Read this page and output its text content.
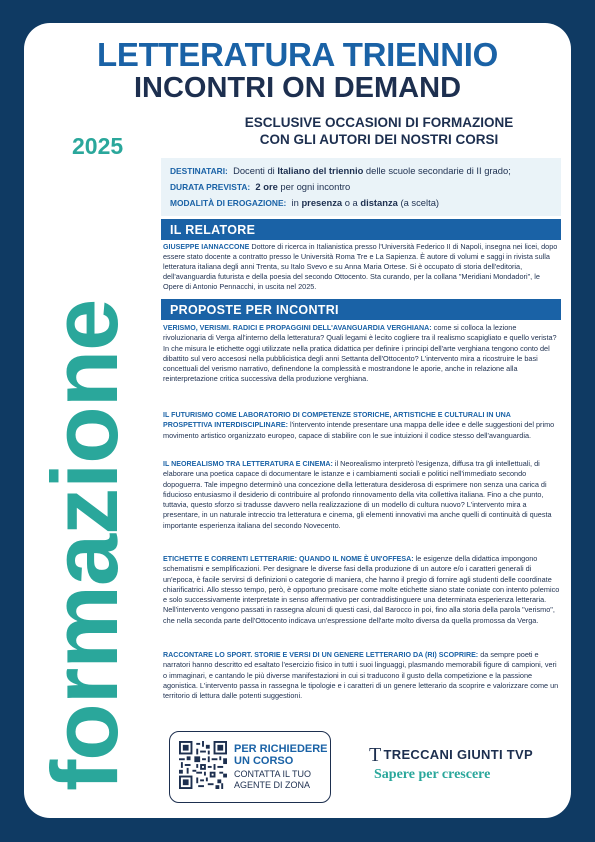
LETTERATURA TRIENNIO
INCONTRI ON DEMAND
ESCLUSIVE OCCASIONI DI FORMAZIONE
CON GLI AUTORI DEI NOSTRI CORSI
2025
formazione
DESTINATARI: Docenti di Italiano del triennio delle scuole secondarie di II grado;
DURATA PREVISTA: 2 ore per ogni incontro
MODALITÀ DI EROGAZIONE: in presenza o a distanza (a scelta)
IL RELATORE
GIUSEPPE IANNACCONE Dottore di ricerca in Italianistica presso l'Università Federico II di Napoli, insegna nei licei, dopo essere stato docente a contratto presso le Università Roma Tre e La Sapienza. È autore di volumi e saggi in rivista sulla letteratura italiana degli anni Trenta, su Italo Svevo e su Anna Maria Ortese. Si è occupato di storia dell'editoria, dell'avanguardia futurista e della poesia del secondo Ottocento. Sta curando, per la collana "Meridiani Mondadori", le Opere di Antonio Pennacchi, in uscita nel 2025.
PROPOSTE PER INCONTRI
VERISMO, VERISMI. RADICI E PROPAGGINI DELL'AVANGUARDIA VERGHIANA: come si colloca la lezione rivoluzionaria di Verga all'interno della letteratura? Quali legami è lecito cogliere tra il realismo scapigliato e quello verista? In che misura le etichette oggi utilizzate nella pratica didattica per definire i principi dell'arte verghiana tengono conto del dibattito sul vero accesosi nella pubblicistica degli anni Settanta dell'Ottocento? L'intervento mira a ricostruire le basi concettuali del verismo narrativo, definendone la complessità e mostrandone le aporie, anche in relazione alla reinterpretazione critica successiva della produzione verghiana.
IL FUTURISMO COME LABORATORIO DI COMPETENZE STORICHE, ARTISTICHE E CULTURALI IN UNA PROSPETTIVA INTERDISCIPLINARE: l'intervento intende presentare una mappa delle idee e delle suggestioni del primo movimento artistico organizzato europeo, capace di stabilire con le sue intuizioni il codice stesso dell'avanguardia.
IL NEOREALISMO TRA LETTERATURA E CINEMA: il Neorealismo interpretò l'esigenza, diffusa tra gli intellettuali, di elaborare una poetica capace di documentare le istanze e i cambiamenti sociali e politici nell'immediato secondo dopoguerra. Tale impegno determinò una concezione della letteratura desiderosa di esprimere non senza una carica di fiducioso entusiasmo il desiderio di contribuire al profondo rinnovamento della vita collettiva italiana. Fino a che punto, tuttavia, questo sforzo si tradusse davvero nella realizzazione di un modello di cultura nuovo? L'intervento mira a presentare, in un naturale intreccio tra letteratura e cinema, gli elementi innovativi ma anche quelli di continuità di questa importante esperienza italiana del secondo Novecento.
ETICHETTE E CORRENTI LETTERARIE: QUANDO IL NOME È UN'OFFESA: le esigenze della didattica impongono schematismi e semplificazioni. Per designare le diverse fasi della produzione di un autore e/o i caratteri generali di un'epoca, è facile servirsi di definizioni o categorie di maniera, che hanno il pregio di fornire agli studenti delle coordinate chiarificatrici. Allo stesso tempo, però, è opportuno precisare come molte etichette siano state coniate con intento polemico e solo successivamente interpretate in senso affermativo per contraddistinguere una determinata esperienza letteraria. Nell'intervento vengono passati in rassegna alcuni di questi casi, dal Barocco in poi, fino alla storia della parola "verismo", che nella seconda parte dell'Ottocento indicava un'espressione dell'arte molto diversa da quella promossa da Verga.
RACCONTARE LO SPORT. STORIE E VERSI DI UN GENERE LETTERARIO DA (RI) SCOPRIRE: da sempre poeti e narratori hanno descritto ed esaltato l'esercizio fisico in tutti i suoi linguaggi, plasmando memorabili figure di campioni, veri o immaginari, e cantando le più diverse manifestazioni in cui si traducono il gusto della competizione e la passione agonistica. L'intervento passa in rassegna le tipologie e i caratteri di un genere letterario da scoprire e valorizzare come un territorio di lettura dalle potenti suggestioni.
PER RICHIEDERE
UN CORSO
CONTATTA IL TUO
AGENTE DI ZONA
TTRECCANI GIUNTI TVP
Sapere per crescere
